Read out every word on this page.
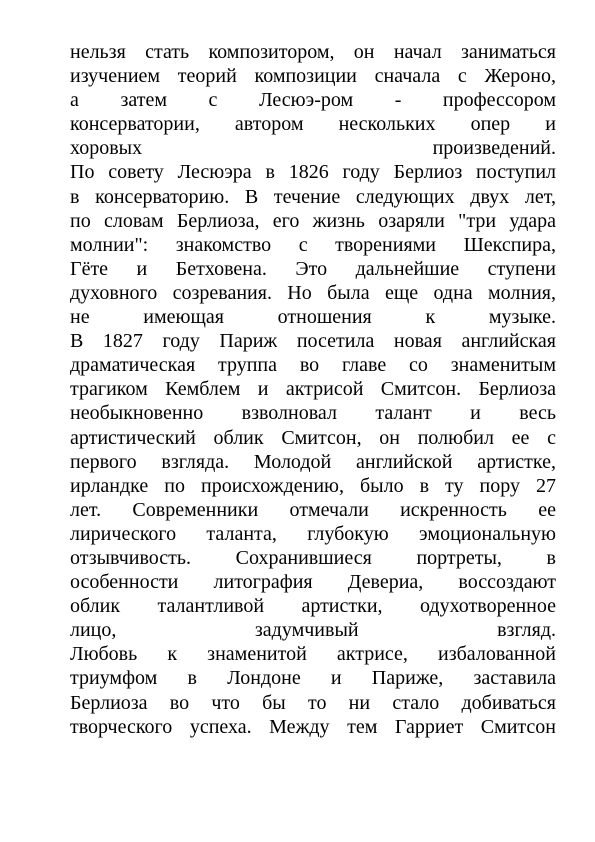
нельзя стать композитором, он начал заниматься
изучением теорий композиции сначала с Жероно,
а затем с Лесюэ-ром - профессором
консерватории, автором нескольких опер и
хоровых произведений.
По совету Лесюэра в 1826 году Берлиоз поступил
в консерваторию. В течение следующих двух лет,
по словам Берлиоза, его жизнь озаряли "три удара
молнии": знакомство с творениями Шекспира,
Гёте и Бетховена. Это дальнейшие ступени
духовного созревания. Но была еще одна молния,
не имеющая отношения к музыке.
В 1827 году Париж посетила новая английская
драматическая труппа во главе со знаменитым
трагиком Кемблем и актрисой Смитсон. Берлиоза
необыкновенно взволновал талант и весь
артистический облик Смитсон, он полюбил ее с
первого взгляда. Молодой английской артистке,
ирландке по происхождению, было в ту пору 27
лет. Современники отмечали искренность ее
лирического таланта, глубокую эмоциональную
отзывчивость. Сохранившиеся портреты, в
особенности литография Девериа, воссоздают
облик талантливой артистки, одухотворенное
лицо, задумчивый взгляд.
Любовь к знаменитой актрисе, избалованной
триумфом в Лондоне и Париже, заставила
Берлиоза во что бы то ни стало добиваться
творческого успеха. Между тем Гарриет Смитсон
